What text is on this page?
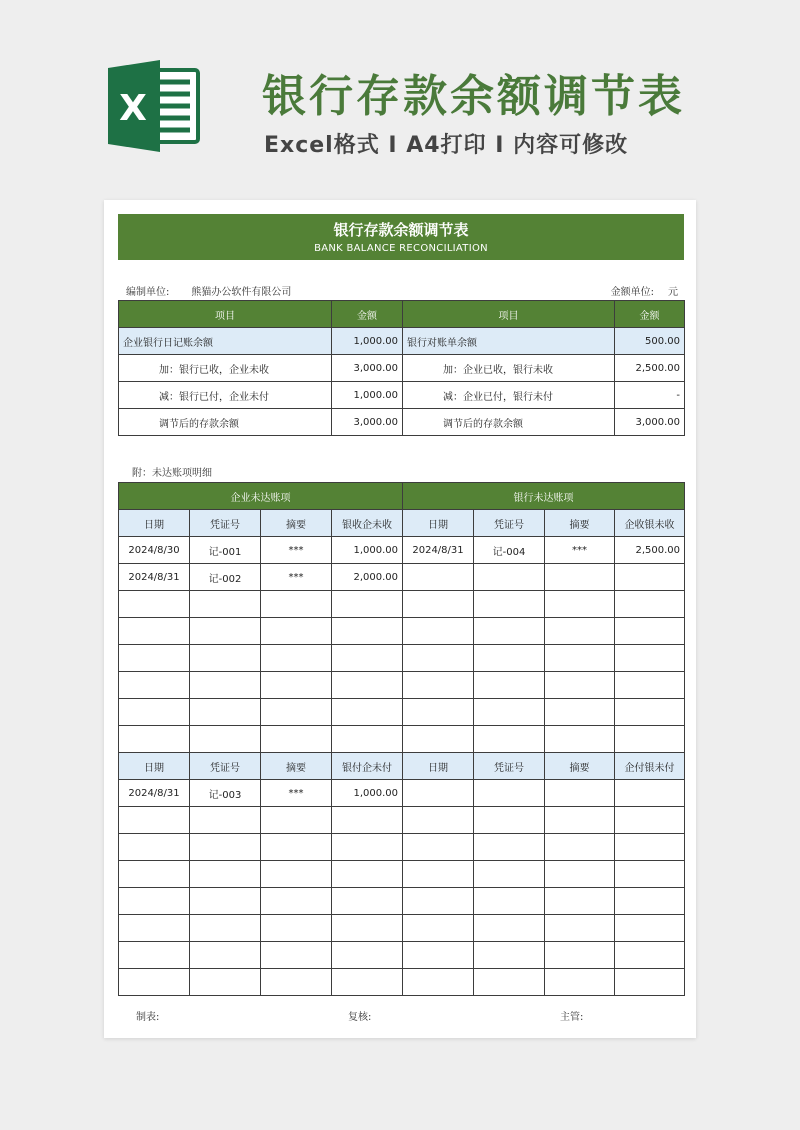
X	银行存款余额调节表
Excel格式 I A4打印 I 内容可修改
银行存款余额调节表
BANK BALANCE RECONCILIATION
编制单位: 熊猫办公软件有限公司	金额单位: 元
项目	金额	项目	金额
企业银行日记账余额	1,000.00	银行对账单余额	500.00
加：银行已收，企业未收	3,000.00	加：企业已收，银行未收	2,500.00
减：银行已付，企业未付	1,000.00	减：企业已付，银行未付	-
调节后的存款余额	3,000.00	调节后的存款余额	3,000.00
附：未达账项明细
企业未达账项				银行未达账项			
日期	凭证号	摘要	银收企未收	日期	凭证号	摘要	企收银未收
2024/8/30	记-001	***	1,000.00	2024/8/31	记-004	***	2,500.00
2024/8/31	记-002	***	2,000.00				

日期	凭证号	摘要	银付企未付	日期	凭证号	摘要	企付银未付
2024/8/31	记-003	***	1,000.00				

制表:	复核:	主管:
